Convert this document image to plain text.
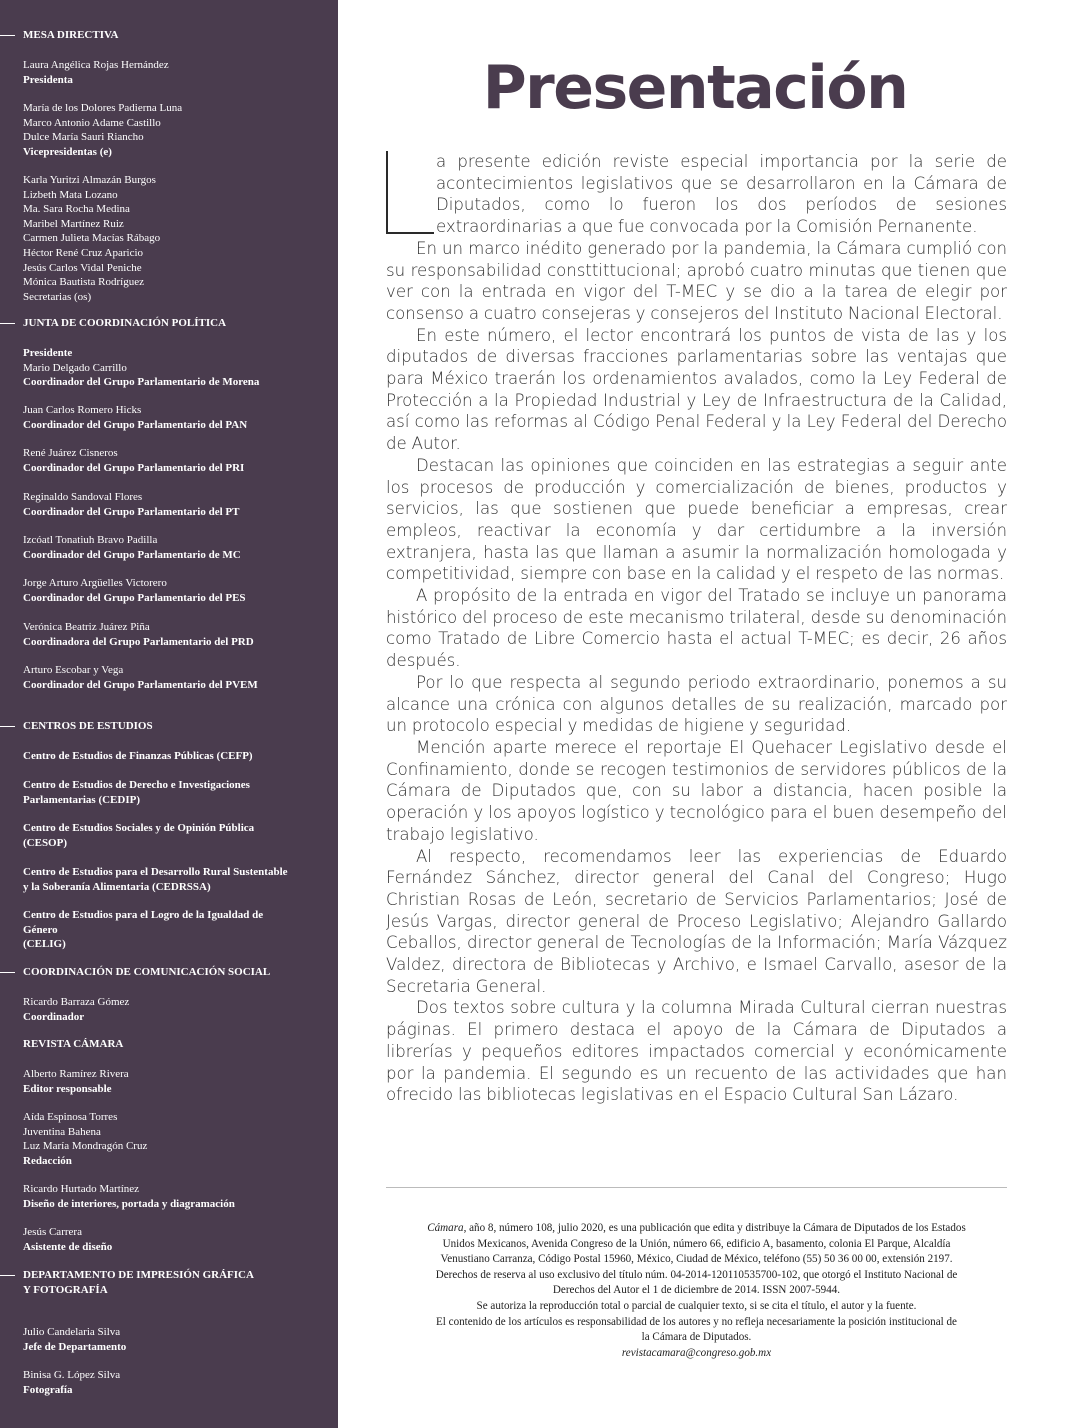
MESA DIRECTIVA
Laura Angélica Rojas Hernández
Presidenta
María de los Dolores Padierna Luna
Marco Antonio Adame Castillo
Dulce María Sauri Riancho
Vicepresidentas (e)
Karla Yuritzi Almazán Burgos
Lizbeth Mata Lozano
Ma. Sara Rocha Medina
Maribel Martínez Ruiz
Carmen Julieta Macías Rábago
Héctor René Cruz Aparicio
Jesús Carlos Vidal Peniche
Mónica Bautista Rodríguez
Secretarias (os)
JUNTA DE COORDINACIÓN POLÍTICA
Presidente
Mario Delgado Carrillo
Coordinador del Grupo Parlamentario de Morena
Juan Carlos Romero Hicks
Coordinador del Grupo Parlamentario del PAN
René Juárez Cisneros
Coordinador del Grupo Parlamentario del PRI
Reginaldo Sandoval Flores
Coordinador del Grupo Parlamentario del PT
Izcóatl Tonatiuh Bravo Padilla
Coordinador del Grupo Parlamentario de MC
Jorge Arturo Argüelles Victorero
Coordinador del Grupo Parlamentario del PES
Verónica Beatriz Juárez Piña
Coordinadora del Grupo Parlamentario del PRD
Arturo Escobar y Vega
Coordinador del Grupo Parlamentario del PVEM
CENTROS DE ESTUDIOS
Centro de Estudios de Finanzas Públicas (CEFP)
Centro de Estudios de Derecho e Investigaciones
Parlamentarias (CEDIP)
Centro de Estudios Sociales y de Opinión Pública
(CESOP)
Centro de Estudios para el Desarrollo Rural Sustentable
y la Soberanía Alimentaria (CEDRSSA)
Centro de Estudios para el Logro de la Igualdad de
Género
(CELIG)
COORDINACIÓN DE COMUNICACIÓN SOCIAL
Ricardo Barraza Gómez
Coordinador
REVISTA CÁMARA
Alberto Ramírez Rivera
Editor responsable
Aída Espinosa Torres
Juventina Bahena
Luz María Mondragón Cruz
Redacción
Ricardo Hurtado Martínez
Diseño de interiores, portada y diagramación
Jesús Carrera
Asistente de diseño
DEPARTAMENTO DE IMPRESIÓN GRÁFICA
Y FOTOGRAFÍA
Julio Candelaria Silva
Jefe de Departamento
Binisa G. López Silva
Fotografía
Presentación

a presente edición reviste especial importancia por la serie de acontecimientos legislativos que se desarrollaron en la Cámara de Diputados, como lo fueron los dos períodos de sesiones extraordinarias a que fue convocada por la Comisión Pernanente.

En un marco inédito generado por la pandemia, la Cámara cumplió con su responsabilidad consttittucional; aprobó cuatro minutas que tienen que ver con la entrada en vigor del T-MEC y se dio a la tarea de elegir por consenso a cuatro consejeras y consejeros del Instituto Nacional Electoral.

En este número, el lector encontrará los puntos de vista de las y los diputados de diversas fracciones parlamentarias sobre las ventajas que para México traerán los ordenamientos avalados, como la Ley Federal de Protección a la Propiedad Industrial y Ley de Infraestructura de la Calidad, así como las reformas al Código Penal Federal y la Ley Federal del Derecho de Autor.

Destacan las opiniones que coinciden en las estrategias a seguir ante los procesos de producción y comercialización de bienes, productos y servicios, las que sostienen que puede beneficiar a empresas, crear empleos, reactivar la economía y dar certidumbre a la inversión extranjera, hasta las que llaman a asumir la normalización homologada y competitividad, siempre con base en la calidad y el respeto de las normas.

A propósito de la entrada en vigor del Tratado se incluye un panorama histórico del proceso de este mecanismo trilateral, desde su denominación como Tratado de Libre Comercio hasta el actual T-MEC; es decir, 26 años después.

Por lo que respecta al segundo periodo extraordinario, ponemos a su alcance una crónica con algunos detalles de su realización, marcado por un protocolo especial y medidas de higiene y seguridad.

Mención aparte merece el reportaje El Quehacer Legislativo desde el Confinamiento, donde se recogen testimonios de servidores públicos de la Cámara de Diputados que, con su labor a distancia, hacen posible la operación y los apoyos logístico y tecnológico para el buen desempeño del trabajo legislativo.

Al respecto, recomendamos leer las experiencias de Eduardo Fernández Sánchez, director general del Canal del Congreso; Hugo Christian Rosas de León, secretario de Servicios Parlamentarios; José de Jesús Vargas, director general de Proceso Legislativo; Alejandro Gallardo Ceballos, director general de Tecnologías de la Información; María Vázquez Valdez, directora de Bibliotecas y Archivo, e Ismael Carvallo, asesor de la Secretaria General.

Dos textos sobre cultura y la columna Mirada Cultural cierran nuestras páginas. El primero destaca el apoyo de la Cámara de Diputados a librerías y pequeños editores impactados comercial y económicamente por la pandemia. El segundo es un recuento de las actividades que han ofrecido las bibliotecas legislativas en el Espacio Cultural San Lázaro.

Cámara, año 8, número 108, julio 2020, es una publicación que edita y distribuye la Cámara de Diputados de los Estados
Unidos Mexicanos, Avenida Congreso de la Unión, número 66, edificio A, basamento, colonia El Parque, Alcaldía
Venustiano Carranza, Código Postal 15960, México, Ciudad de México, teléfono (55) 50 36 00 00, extensión 2197.
Derechos de reserva al uso exclusivo del título núm. 04-2014-120110535700-102, que otorgó el Instituto Nacional de
Derechos del Autor el 1 de diciembre de 2014. ISSN 2007-5944.
Se autoriza la reproducción total o parcial de cualquier texto, si se cita el título, el autor y la fuente.
El contenido de los artículos es responsabilidad de los autores y no refleja necesariamente la posición institucional de
la Cámara de Diputados.
revistacamara@congreso.gob.mx
